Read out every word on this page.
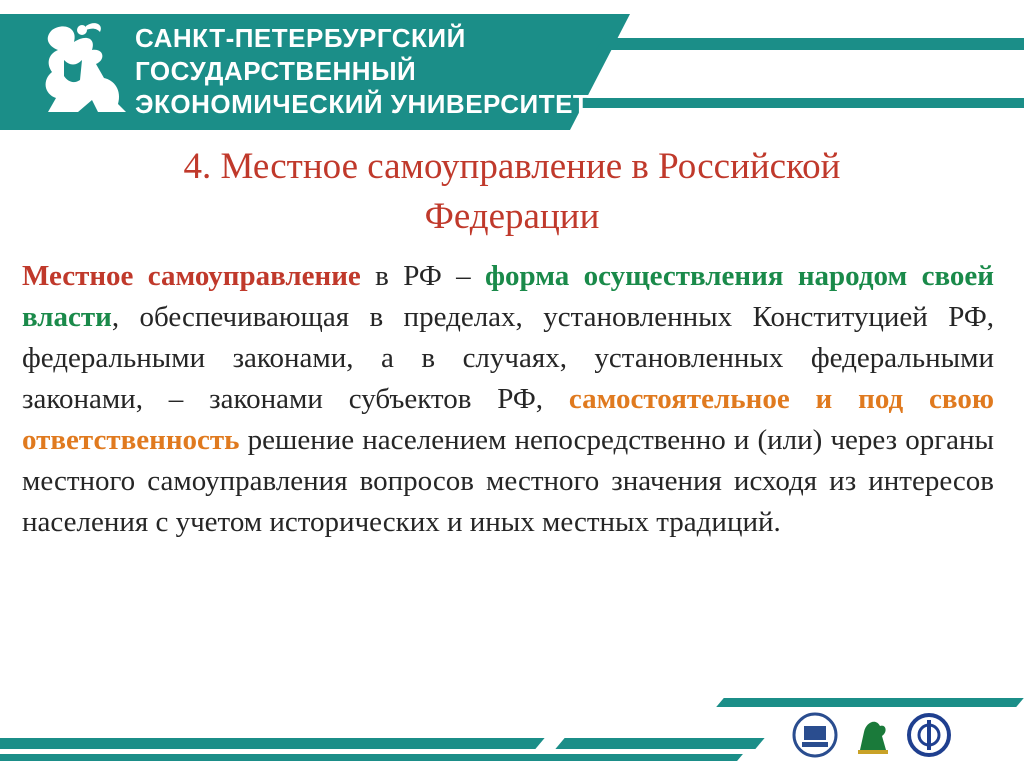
САНКТ-ПЕТЕРБУРГСКИЙ
ГОСУДАРСТВЕННЫЙ
ЭКОНОМИЧЕСКИЙ УНИВЕРСИТЕТ
4. Местное самоуправление в Российской
Федерации
Местное самоуправление в РФ – форма осуществления народом своей власти, обеспечивающая в пределах, установленных Конституцией РФ, федеральными законами, а в случаях, установленных федеральными законами, – законами субъектов РФ, самостоятельное и под свою ответственность решение населением непосредственно и (или) через органы местного самоуправления вопросов местного значения исходя из интересов населения с учетом исторических и иных местных традиций.
